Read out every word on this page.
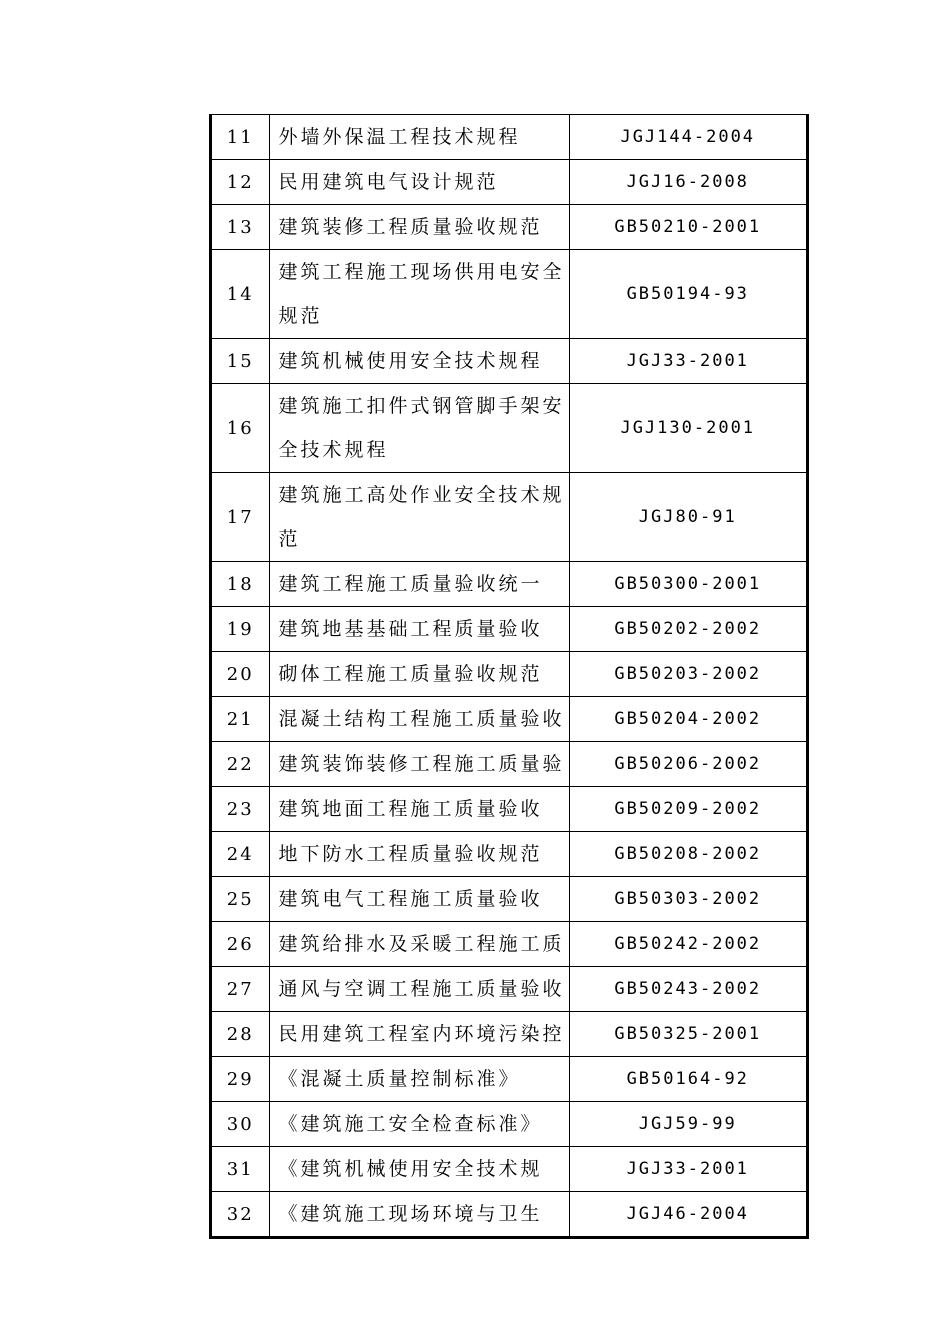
11	外墙外保温工程技术规程	JGJ144-2004
12	民用建筑电气设计规范	JGJ16-2008
13	建筑装修工程质量验收规范	GB50210-2001
14	建筑工程施工现场供用电安全规范	GB50194-93
15	建筑机械使用安全技术规程	JGJ33-2001
16	建筑施工扣件式钢管脚手架安全技术规程	JGJ130-2001
17	建筑施工高处作业安全技术规范	JGJ80-91
18	建筑工程施工质量验收统一	GB50300-2001
19	建筑地基基础工程质量验收	GB50202-2002
20	砌体工程施工质量验收规范	GB50203-2002
21	混凝土结构工程施工质量验收	GB50204-2002
22	建筑装饰装修工程施工质量验	GB50206-2002
23	建筑地面工程施工质量验收	GB50209-2002
24	地下防水工程质量验收规范	GB50208-2002
25	建筑电气工程施工质量验收	GB50303-2002
26	建筑给排水及采暖工程施工质	GB50242-2002
27	通风与空调工程施工质量验收	GB50243-2002
28	民用建筑工程室内环境污染控	GB50325-2001
29	《混凝土质量控制标准》	GB50164-92
30	《建筑施工安全检查标准》	JGJ59-99
31	《建筑机械使用安全技术规	JGJ33-2001
32	《建筑施工现场环境与卫生	JGJ46-2004
